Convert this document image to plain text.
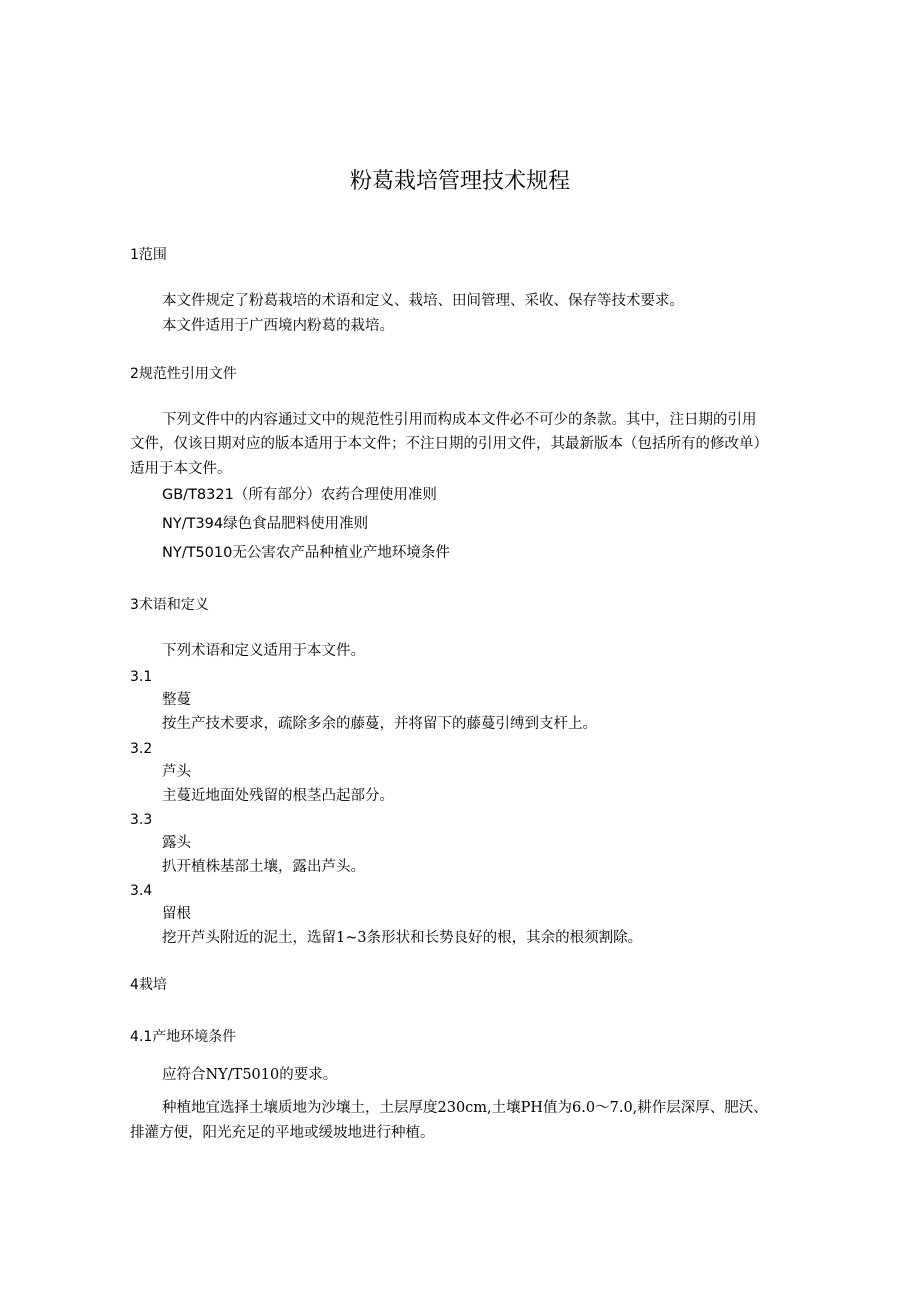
粉葛栽培管理技术规程
1范围
本文件规定了粉葛栽培的术语和定义、栽培、田间管理、采收、保存等技术要求。
本文件适用于广西境内粉葛的栽培。
2规范性引用文件
下列文件中的内容通过文中的规范性引用而构成本文件必不可少的条款。其中，注日期的引用
文件，仅该日期对应的版本适用于本文件；不注日期的引用文件，其最新版本（包括所有的修改单）
适用于本文件。
GB/T8321（所有部分）农药合理使用准则
NY/T394绿色食品肥料使用准则
NY/T5010无公害农产品种植业产地环境条件
3术语和定义
下列术语和定义适用于本文件。
3.1
整蔓
按生产技术要求，疏除多余的藤蔓，并将留下的藤蔓引缚到支杆上。
3.2
芦头
主蔓近地面处残留的根茎凸起部分。
3.3
露头
扒开植株基部土壤，露出芦头。
3.4
留根
挖开芦头附近的泥土，选留1~3条形状和长势良好的根，其余的根须割除。
4栽培
4.1产地环境条件
应符合NY/T5010的要求。
种植地宜选择土壤质地为沙壤土，土层厚度230cm,土壤PH值为6.0～7.0,耕作层深厚、肥沃、
排灌方便，阳光充足的平地或缓坡地进行种植。
